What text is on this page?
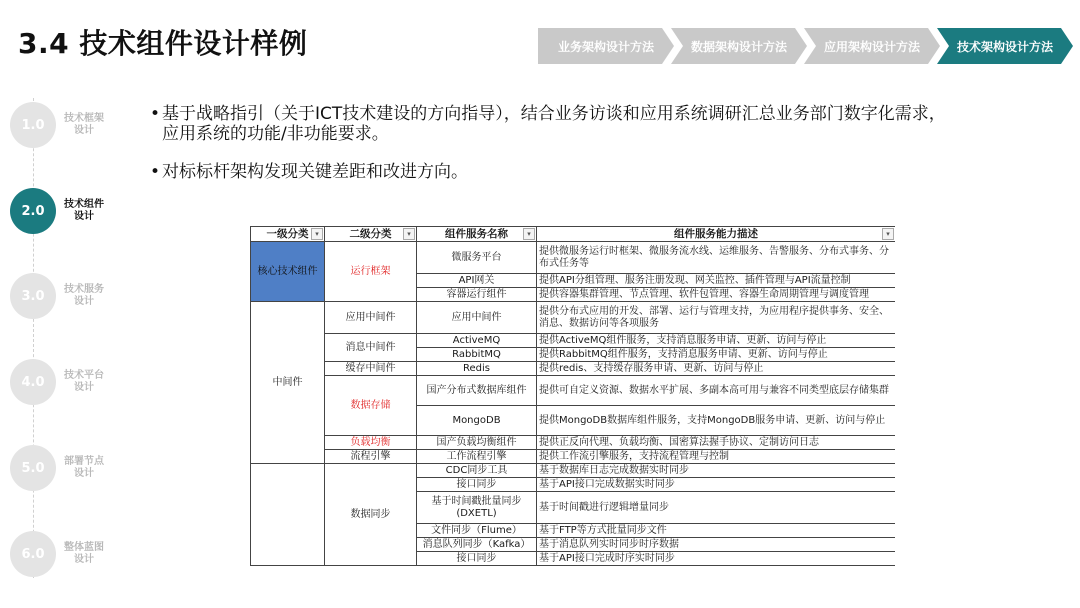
3.4 技术组件设计样例	业务架构设计方法	数据架构设计方法	应用架构设计方法	技术架构设计方法
1.0	技术框架设计
2.0	技术组件设计
3.0	技术服务设计
4.0	技术平台设计
5.0	部署节点设计
6.0	整体蓝图设计
• 基于战略指引（关于ICT技术建设的方向指导），结合业务访谈和应用系统调研汇总业务部门数字化需求，应用系统的功能/非功能要求。
• 对标标杆架构发现关键差距和改进方向。
一级分类 ▾	二级分类 ▾	组件服务名称 ▾	组件服务能力描述 ▾

核心技术组件	运行框架	微服务平台	提供微服务运行时框架、微服务流水线、运维服务、告警服务、分布式事务、分布式任务等
		API网关	提供API分组管理、服务注册发现、网关监控、插件管理与API流量控制
		容器运行组件	提供容器集群管理、节点管理、软件包管理、容器生命周期管理与调度管理
中间件	应用中间件	应用中间件	提供分布式应用的开发、部署、运行与管理支持，为应用程序提供事务、安全、消息、数据访问等各项服务
	消息中间件	ActiveMQ	提供ActiveMQ组件服务，支持消息服务申请、更新、访问与停止
		RabbitMQ	提供RabbitMQ组件服务，支持消息服务申请、更新、访问与停止
	缓存中间件	Redis	提供redis、支持缓存服务申请、更新、访问与停止
	数据存储	国产分布式数据库组件	提供可自定义资源、数据水平扩展、多副本高可用与兼容不同类型底层存储集群
		MongoDB	提供MongoDB数据库组件服务，支持MongoDB服务申请、更新、访问与停止
	负载均衡	国产负载均衡组件	提供正反向代理、负载均衡、国密算法握手协议、定制访问日志
	流程引擎	工作流程引擎	提供工作流引擎服务，支持流程管理与控制
	数据同步	CDC同步工具	基于数据库日志完成数据实时同步
		接口同步	基于API接口完成数据实时同步
		基于时间戳批量同步(DXETL)	基于时间戳进行逻辑增量同步
		文件同步（Flume）	基于FTP等方式批量同步文件
		消息队列同步（Kafka）	基于消息队列实时同步时序数据
		接口同步	基于API接口完成时序实时同步
